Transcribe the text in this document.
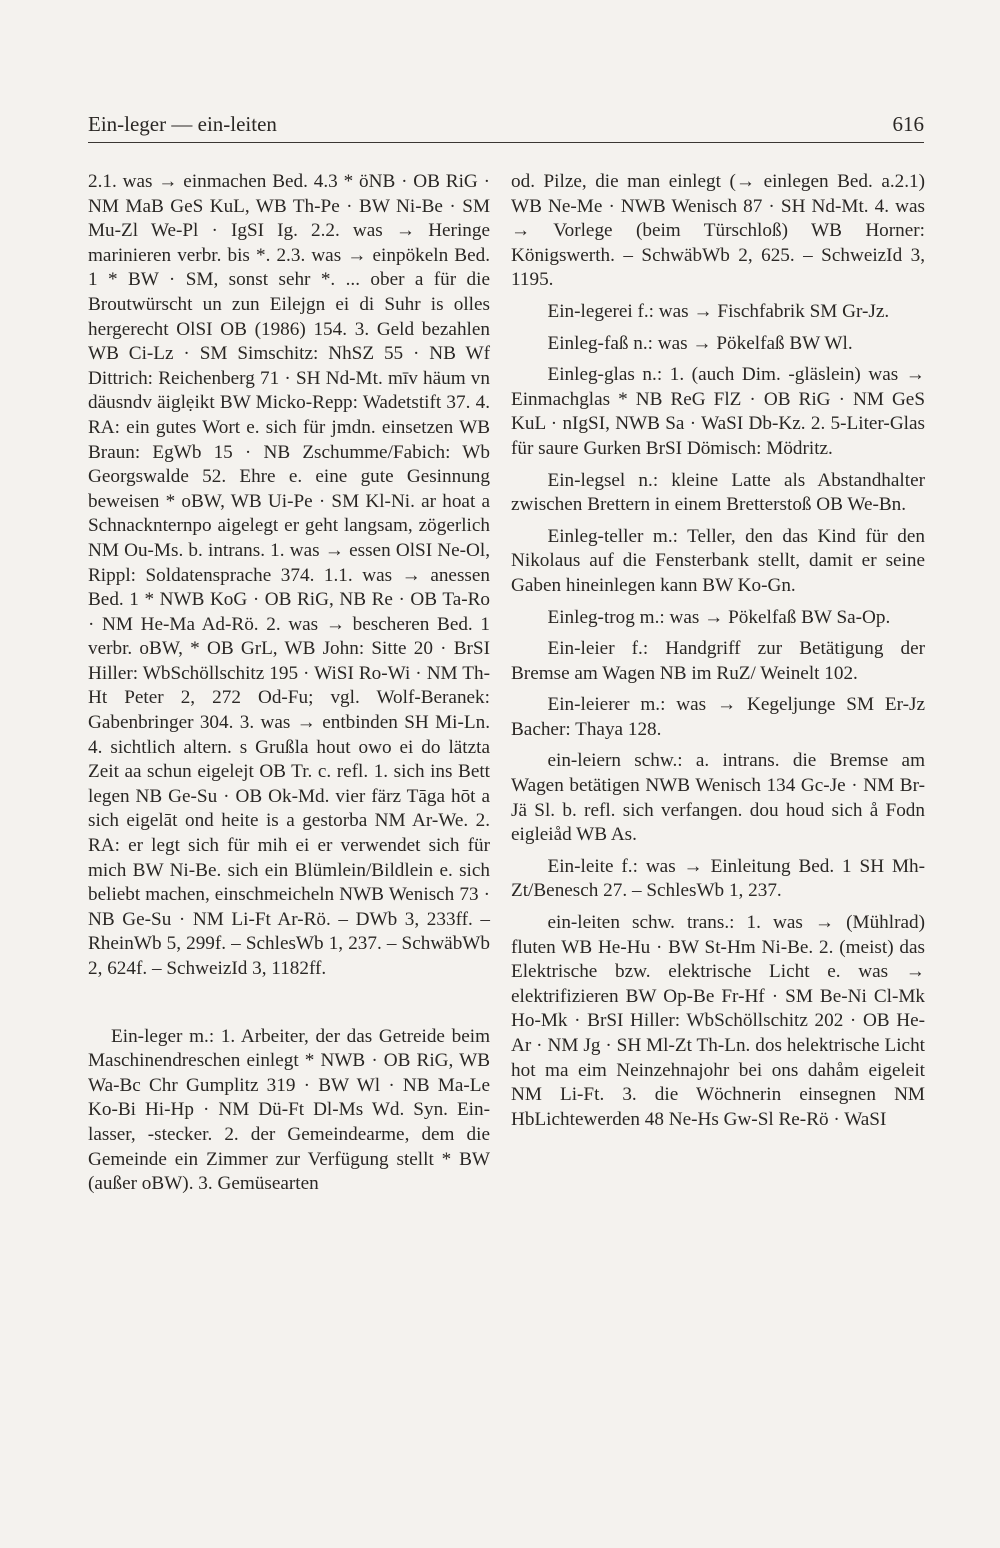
Ein-leger — ein-leiten	616

2.1. was → einmachen Bed. 4.3 * öNB · OB RiG · NM MaB GeS KuL, WB Th-Pe · BW Ni-Be · SM Mu-Zl We-Pl · IgSI Ig. 2.2. was → Heringe marinieren verbr. bis *. 2.3. was → einpökeln Bed. 1 * BW · SM, sonst sehr *. ... ober a für die Broutwürscht un zun Eilejgn ei di Suhr is olles hergerecht OlSI OB (1986) 154. 3. Geld bezahlen WB Ci-Lz · SM Simschitz: NhSZ 55 · NB Wf Dittrich: Reichenberg 71 · SH Nd-Mt. mīv häum vn däusndv äiglẹikt BW Micko-Repp: Wadetstift 37. 4. RA: ein gutes Wort e. sich für jmdn. einsetzen WB Braun: EgWb 15 · NB Zschumme/Fabich: Wb Georgswalde 52. Ehre e. eine gute Gesinnung beweisen * oBW, WB Ui-Pe · SM Kl-Ni. ar hoat a Schnacknternpo aigelegt er geht langsam, zögerlich NM Ou-Ms. b. intrans. 1. was → essen OlSI Ne-Ol, Rippl: Soldatensprache 374. 1.1. was → anessen Bed. 1 * NWB KoG · OB RiG, NB Re · OB Ta-Ro · NM He-Ma Ad-Rö. 2. was → bescheren Bed. 1 verbr. oBW, * OB GrL, WB John: Sitte 20 · BrSI Hiller: WbSchöllschitz 195 · WiSI Ro-Wi · NM Th-Ht Peter 2, 272 Od-Fu; vgl. Wolf-Beranek: Gabenbringer 304. 3. was → entbinden SH Mi-Ln. 4. sichtlich altern. s Grußla hout owo ei do lätzta Zeit aa schun eigelejt OB Tr. c. refl. 1. sich ins Bett legen NB Ge-Su · OB Ok-Md. vier färz Tāga hōt a sich eigelāt ond heite is a gestorba NM Ar-We. 2. RA: er legt sich für mih ei er verwendet sich für mich BW Ni-Be. sich ein Blümlein/Bildlein e. sich beliebt machen, einschmeicheln NWB Wenisch 73 · NB Ge-Su · NM Li-Ft Ar-Rö. – DWb 3, 233ff. – RheinWb 5, 299f. – SchlesWb 1, 237. – SchwäbWb 2, 624f. – SchweizId 3, 1182ff.

Ein-leger m.: 1. Arbeiter, der das Getreide beim Maschinendreschen einlegt * NWB · OB RiG, WB Wa-Bc Chr Gumplitz 319 · BW Wl · NB Ma-Le Ko-Bi Hi-Hp · NM Dü-Ft Dl-Ms Wd. Syn. Einlasser, -stecker. 2. der Gemeindearme, dem die Gemeinde ein Zimmer zur Verfügung stellt * BW (außer oBW). 3. Gemüsearten

od. Pilze, die man einlegt (→ einlegen Bed. a.2.1) WB Ne-Me · NWB Wenisch 87 · SH Nd-Mt. 4. was → Vorlege (beim Türschloß) WB Horner: Königswerth. – SchwäbWb 2, 625. – SchweizId 3, 1195.

Ein-legerei f.: was → Fischfabrik SM Gr-Jz.

Einleg-faß n.: was → Pökelfaß BW Wl.

Einleg-glas n.: 1. (auch Dim. -gläslein) was → Einmachglas * NB ReG FlZ · OB RiG · NM GeS KuL · nIgSI, NWB Sa · WaSI Db-Kz. 2. 5-Liter-Glas für saure Gurken BrSI Dömisch: Mödritz.

Ein-legsel n.: kleine Latte als Abstandhalter zwischen Brettern in einem Bretterstoß OB We-Bn.

Einleg-teller m.: Teller, den das Kind für den Nikolaus auf die Fensterbank stellt, damit er seine Gaben hineinlegen kann BW Ko-Gn.

Einleg-trog m.: was → Pökelfaß BW Sa-Op.

Ein-leier f.: Handgriff zur Betätigung der Bremse am Wagen NB im RuZ/ Weinelt 102.

Ein-leierer m.: was → Kegeljunge SM Er-Jz Bacher: Thaya 128.

ein-leiern schw.: a. intrans. die Bremse am Wagen betätigen NWB Wenisch 134 Gc-Je · NM Br-Jä Sl. b. refl. sich verfangen. dou houd sich å Fodn eigleiåd WB As.

Ein-leite f.: was → Einleitung Bed. 1 SH Mh-Zt/Benesch 27. – SchlesWb 1, 237.

ein-leiten schw. trans.: 1. was → (Mühlrad) fluten WB He-Hu · BW St-Hm Ni-Be. 2. (meist) das Elektrische bzw. elektrische Licht e. was → elektrifizieren BW Op-Be Fr-Hf · SM Be-Ni Cl-Mk Ho-Mk · BrSI Hiller: WbSchöllschitz 202 · OB He-Ar · NM Jg · SH Ml-Zt Th-Ln. dos helektrische Licht hot ma eim Neinzehnajohr bei ons dahåm eigeleit NM Li-Ft. 3. die Wöchnerin einsegnen NM HbLichtewerden 48 Ne-Hs Gw-Sl Re-Rö · WaSI
